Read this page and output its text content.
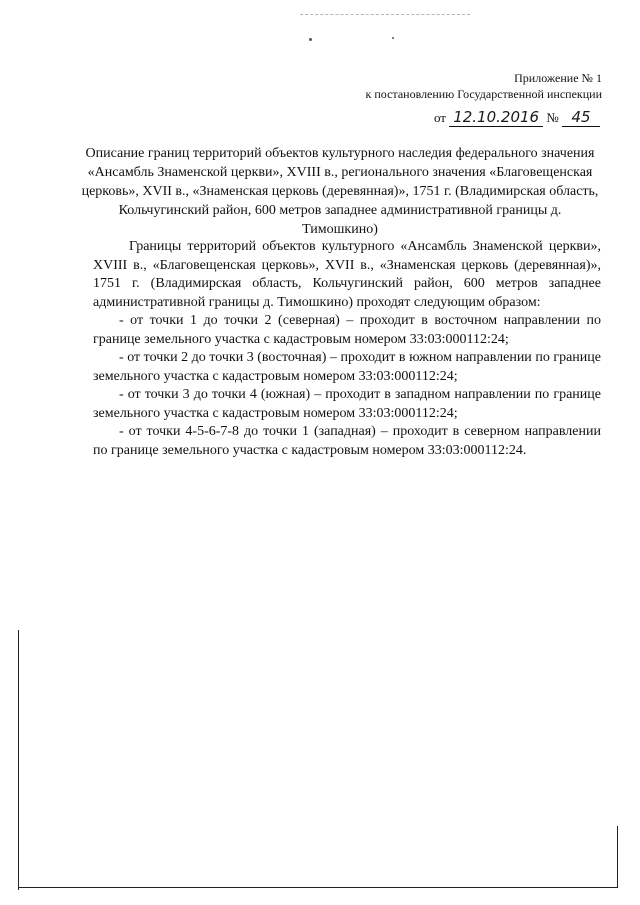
Приложение № 1
к постановлению Государственной инспекции
от 12.10.2016 № 45
Описание границ территорий объектов культурного наследия федерального значения «Ансамбль Знаменской церкви», XVIII в., регионального значения «Благовещенская церковь», XVII в., «Знаменская церковь (деревянная)», 1751 г. (Владимирская область, Кольчугинский район, 600 метров западнее административной границы д. Тимошкино)

Границы территорий объектов культурного «Ансамбль Знаменской церкви», XVIII в., «Благовещенская церковь», XVII в., «Знаменская церковь (деревянная)», 1751 г. (Владимирская область, Кольчугинский район, 600 метров западнее административной границы д. Тимошкино) проходят следующим образом:

- от точки 1 до точки 2 (северная) – проходит в восточном направлении по границе земельного участка с кадастровым номером 33:03:000112:24;

- от точки 2 до точки 3 (восточная) – проходит в южном направлении по границе земельного участка с кадастровым номером 33:03:000112:24;

- от точки 3 до точки 4 (южная) – проходит в западном направлении по границе земельного участка с кадастровым номером 33:03:000112:24;

- от точки 4-5-6-7-8 до точки 1 (западная) – проходит в северном направлении по границе земельного участка с кадастровым номером 33:03:000112:24.
